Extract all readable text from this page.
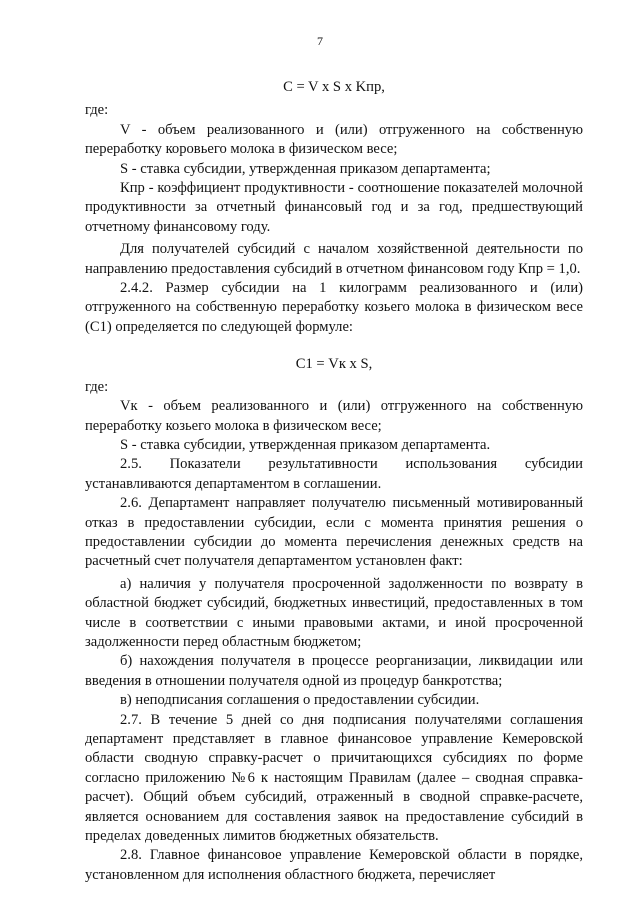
7

C = V x S x Kпр,

где:

V - объем реализованного и (или) отгруженного на собственную переработку коровьего молока в физическом весе;

S - ставка субсидии, утвержденная приказом департамента;

Кпр - коэффициент продуктивности - соотношение показателей молочной продуктивности за отчетный финансовый год и за год, предшествующий отчетному финансовому году.

Для получателей субсидий с началом хозяйственной деятельности по направлению предоставления субсидий в отчетном финансовом году Кпр = 1,0.

2.4.2. Размер субсидии на 1 килограмм реализованного и (или) отгруженного на собственную переработку козьего молока в физическом весе (С1) определяется по следующей формуле:

С1 = Vк x S,

где:

Vк - объем реализованного и (или) отгруженного на собственную переработку козьего молока в физическом весе;

S - ставка субсидии, утвержденная приказом департамента.

2.5. Показатели результативности использования субсидии устанавливаются департаментом в соглашении.

2.6. Департамент направляет получателю письменный мотивированный отказ в предоставлении субсидии, если с момента принятия решения о предоставлении субсидии до момента перечисления денежных средств на расчетный счет получателя департаментом установлен факт:

а) наличия у получателя просроченной задолженности по возврату в областной бюджет субсидий, бюджетных инвестиций, предоставленных в том числе в соответствии с иными правовыми актами, и иной просроченной задолженности перед областным бюджетом;

б) нахождения получателя в процессе реорганизации, ликвидации или введения в отношении получателя одной из процедур банкротства;

в) неподписания соглашения о предоставлении субсидии.

2.7. В течение 5 дней со дня подписания получателями соглашения департамент представляет в главное финансовое управление Кемеровской области сводную справку-расчет о причитающихся субсидиях по форме согласно приложению №6 к настоящим Правилам (далее – сводная справка-расчет). Общий объем субсидий, отраженный в сводной справке-расчете, является основанием для составления заявок на предоставление субсидий в пределах доведенных лимитов бюджетных обязательств.

2.8. Главное финансовое управление Кемеровской области в порядке, установленном для исполнения областного бюджета, перечисляет
